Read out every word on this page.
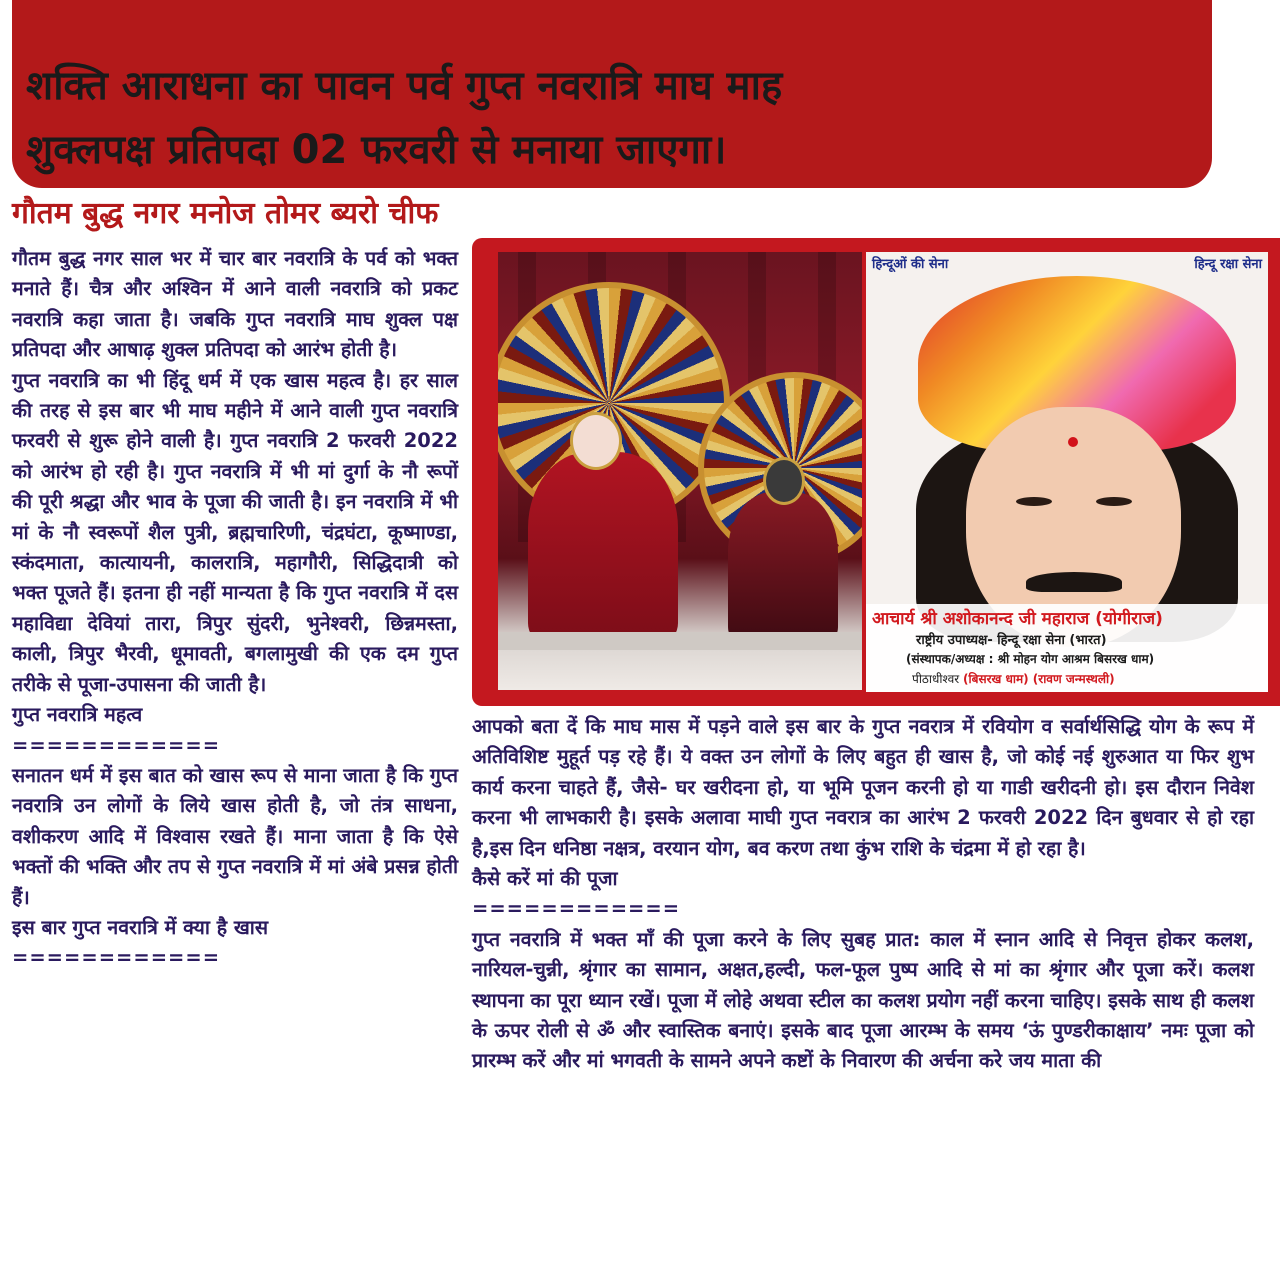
शक्ति आराधना का पावन पर्व गुप्त नवरात्रि माघ माह
शुक्लपक्ष प्रतिपदा 02 फरवरी से मनाया जाएगा।

गौतम बुद्ध नगर मनोज तोमर ब्यरो चीफ

गौतम बुद्ध नगर साल भर में चार बार नवरात्रि के पर्व को भक्त मनाते हैं। चैत्र और अश्विन में आने वाली नवरात्रि को प्रकट नवरात्रि कहा जाता है। जबकि गुप्त नवरात्रि माघ शुक्ल पक्ष प्रतिपदा और आषाढ़ शुक्ल प्रतिपदा को आरंभ होती है।

गुप्त नवरात्रि का भी हिंदू धर्म में एक खास महत्व है। हर साल की तरह से इस बार भी माघ महीने में आने वाली गुप्त नवरात्रि फरवरी से शुरू होने वाली है। गुप्त नवरात्रि 2 फरवरी 2022 को आरंभ हो रही है। गुप्त नवरात्रि में भी मां दुर्गा के नौ रूपों की पूरी श्रद्धा और भाव के पूजा की जाती है। इन नवरात्रि में भी मां के नौ स्वरूपों शैल पुत्री, ब्रह्मचारिणी, चंद्रघंटा, कूष्माण्डा, स्कंदमाता, कात्यायनी, कालरात्रि, महागौरी, सिद्धिदात्री को भक्त पूजते हैं। इतना ही नहीं मान्यता है कि गुप्त नवरात्रि में दस महाविद्या देवियां तारा, त्रिपुर सुंदरी, भुनेश्वरी, छिन्नमस्ता, काली, त्रिपुर भैरवी, धूमावती, बगलामुखी की एक दम गुप्त तरीके से पूजा-उपासना की जाती है।

गुप्त नवरात्रि महत्व

============

सनातन धर्म में इस बात को खास रूप से माना जाता है कि गुप्त नवरात्रि उन लोगों के लिये खास होती है, जो तंत्र साधना, वशीकरण आदि में विश्वास रखते हैं। माना जाता है कि ऐसे भक्तों की भक्ति और तप से गुप्त नवरात्रि में मां अंबे प्रसन्न होती हैं।

इस बार गुप्त नवरात्रि में क्या है खास

============

हिन्दूओं की सेना	हिन्दू रक्षा सेना
आचार्य श्री अशोकानन्द जी महाराज (योगीराज)
राष्ट्रीय उपाध्यक्ष- हिन्दू रक्षा सेना (भारत)
(संस्थापक/अध्यक्ष : श्री मोहन योग आश्रम बिसरख धाम)
पीठाधीश्वर (बिसरख धाम) (रावण जन्मस्थली)

आपको बता दें कि माघ मास में पड़ने वाले इस बार के गुप्त नवरात्र में रवियोग व सर्वार्थसिद्धि योग के रूप में अतिविशिष्ट मुहूर्त पड़ रहे हैं। ये वक्त उन लोगों के लिए बहुत ही खास है, जो कोई नई शुरुआत या फिर शुभ कार्य करना चाहते हैं, जैसे- घर खरीदना हो, या भूमि पूजन करनी हो या गाडी खरीदनी हो। इस दौरान निवेश करना भी लाभकारी है। इसके अलावा माघी गुप्त नवरात्र का आरंभ 2 फरवरी 2022 दिन बुधवार से हो रहा है,इस दिन धनिष्ठा नक्षत्र, वरयान योग, बव करण तथा कुंभ राशि के चंद्रमा में हो रहा है।

कैसे करें मां की पूजा

============

गुप्त नवरात्रि में भक्त माँ की पूजा करने के लिए सुबह प्रात: काल में स्नान आदि से निवृत्त होकर कलश, नारियल-चुन्नी, श्रृंगार का सामान, अक्षत,हल्दी, फल-फूल पुष्प आदि से मां का श्रृंगार और पूजा करें। कलश स्थापना का पूरा ध्यान रखें। पूजा में लोहे अथवा स्टील का कलश प्रयोग नहीं करना चाहिए। इसके साथ ही कलश के ऊपर रोली से ॐ और स्वास्तिक बनाएं। इसके बाद पूजा आरम्भ के समय ‘ऊं पुण्डरीकाक्षाय’ नमः पूजा को प्रारम्भ करें और मां भगवती के सामने अपने कष्टों के निवारण की अर्चना करे जय माता की
